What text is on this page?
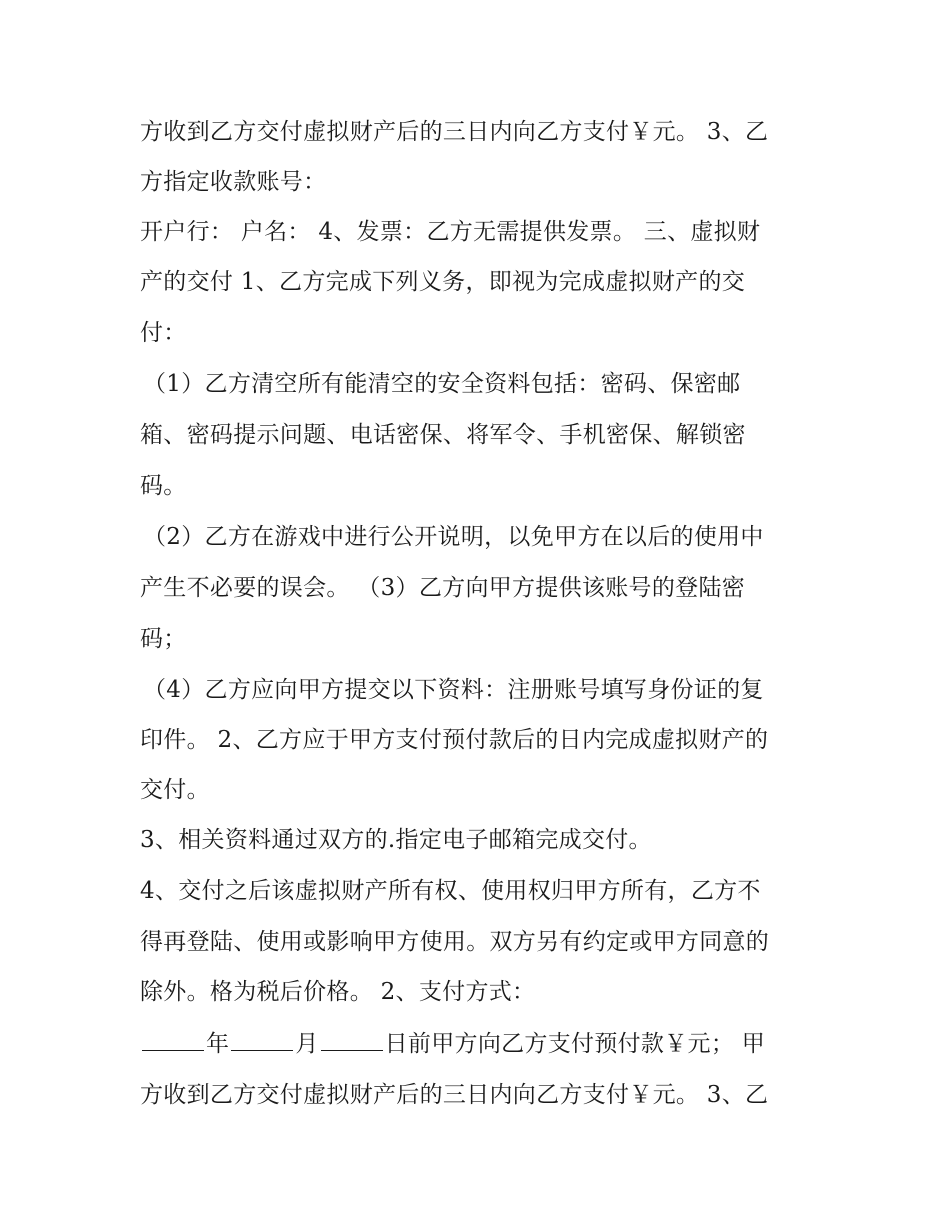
方收到乙方交付虚拟财产后的三日内向乙方支付￥元。 3、乙
方指定收款账号：
开户行： 户名： 4、发票：乙方无需提供发票。 三、虚拟财
产的交付 1、乙方完成下列义务，即视为完成虚拟财产的交
付：
（1）乙方清空所有能清空的安全资料包括：密码、保密邮
箱、密码提示问题、电话密保、将军令、手机密保、解锁密
码。
（2）乙方在游戏中进行公开说明，以免甲方在以后的使用中
产生不必要的误会。 （3）乙方向甲方提供该账号的登陆密
码；
（4）乙方应向甲方提交以下资料：注册账号填写身份证的复
印件。 2、乙方应于甲方支付预付款后的日内完成虚拟财产的
交付。
3、相关资料通过双方的.指定电子邮箱完成交付。
4、交付之后该虚拟财产所有权、使用权归甲方所有，乙方不
得再登陆、使用或影响甲方使用。双方另有约定或甲方同意的
除外。格为税后价格。 2、支付方式：
年	月	日前甲方向乙方支付预付款￥元； 甲
方收到乙方交付虚拟财产后的三日内向乙方支付￥元。 3、乙
